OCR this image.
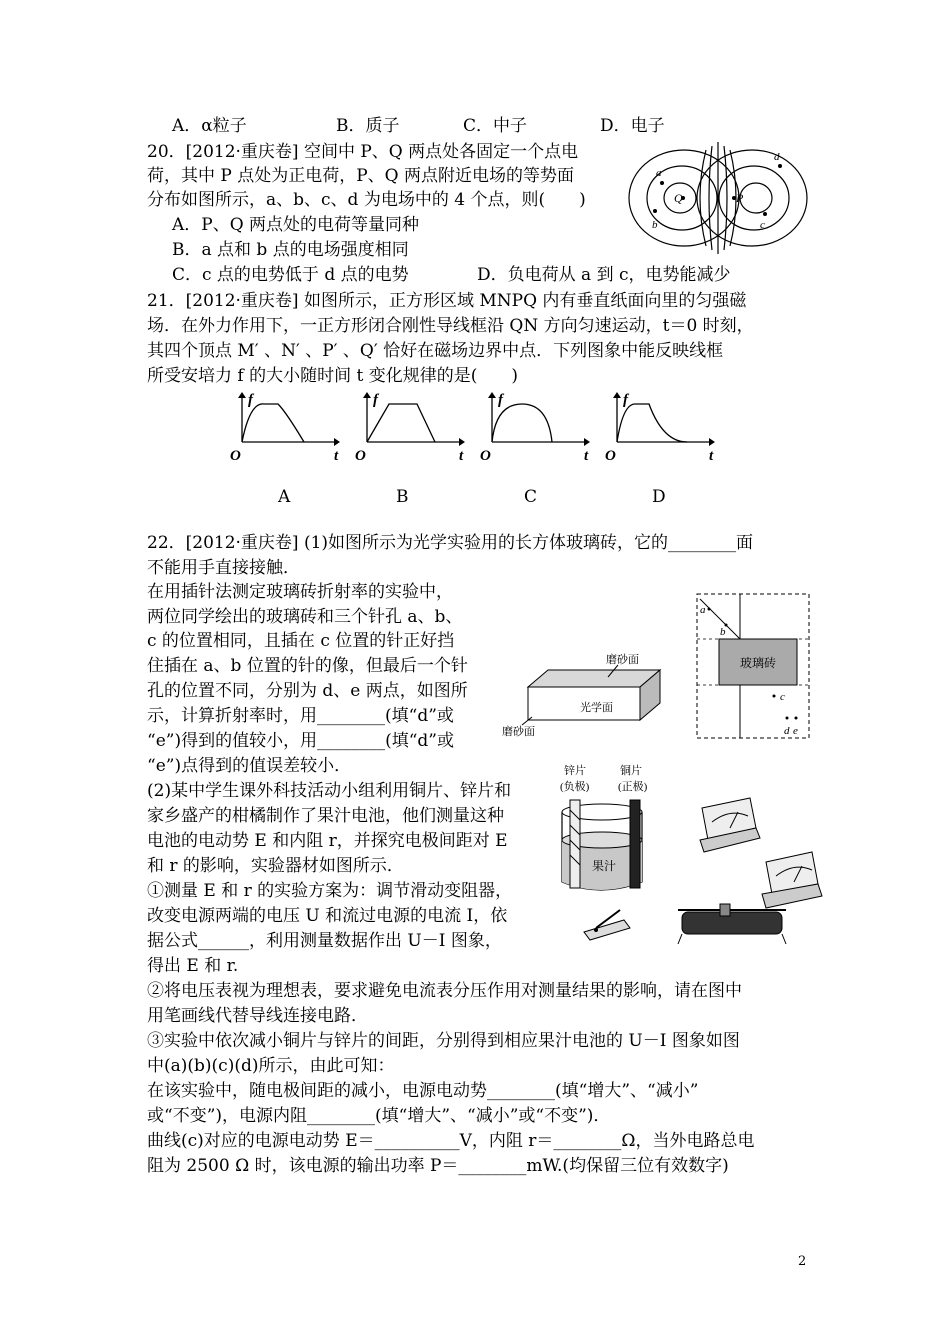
A．α粒子	B．质子	C．中子	D．电子
20．[2012·重庆卷] 空间中 P、Q 两点处各固定一个点电
荷，其中 P 点处为正电荷，P、Q 两点附近电场的等势面
分布如图所示，a、b、c、d 为电场中的 4 个点，则(　　)
A．P、Q 两点处的电荷等量同种
B．a 点和 b 点的电场强度相同
C．c 点的电势低于 d 点的电势	D．负电荷从 a 到 c，电势能减少
Q	P
a
b	c
d
21．[2012·重庆卷] 如图所示，正方形区域 MNPQ 内有垂直纸面向里的匀强磁
场．在外力作用下，一正方形闭合刚性导线框沿 QN 方向匀速运动，t＝0 时刻，
其四个顶点 M′ 、N′ 、P′ 、Q′ 恰好在磁场边界中点．下列图象中能反映线框
所受安培力 f 的大小随时间 t 变化规律的是(　　)
f
t
O
f
t
O
f
t
O
f
t
O
A	B	C	D
22．[2012·重庆卷] (1)如图所示为光学实验用的长方体玻璃砖，它的________面
不能用手直接接触．
在用插针法测定玻璃砖折射率的实验中，
两位同学绘出的玻璃砖和三个针孔 a、b、
c 的位置相同，且插在 c 位置的针正好挡
住插在 a、b 位置的针的像，但最后一个针
孔的位置不同，分别为 d、e 两点，如图所
示，计算折射率时，用________(填“d”或
“e”)得到的值较小，用________(填“d”或
“e”)点得到的值误差较小．
磨砂面
光学面
磨砂面
a
b
c
d e
玻璃砖
(2)某中学生课外科技活动小组利用铜片、锌片和
家乡盛产的柑橘制作了果汁电池，他们测量这种
电池的电动势 E 和内阻 r，并探究电极间距对 E
和 r 的影响，实验器材如图所示．
①测量 E 和 r 的实验方案为：调节滑动变阻器，
改变电源两端的电压 U 和流过电源的电流 I，依
据公式______，利用测量数据作出 U－I 图象，
得出 E 和 r.
②将电压表视为理想表，要求避免电流表分压作用对测量结果的影响，请在图中
用笔画线代替导线连接电路．
③实验中依次减小铜片与锌片的间距，分别得到相应果汁电池的 U－I 图象如图
中(a)(b)(c)(d)所示，由此可知：
在该实验中，随电极间距的减小，电源电动势________(填“增大”、“减小”
或“不变”)，电源内阻________(填“增大”、“减小”或“不变”)．
曲线(c)对应的电源电动势 E＝__________V，内阻 r＝________Ω，当外电路总电
阻为 2500 Ω 时，该电源的输出功率 P＝________mW.(均保留三位有效数字)
锌片
(负极)
铜片
(正极)
果汁
2
